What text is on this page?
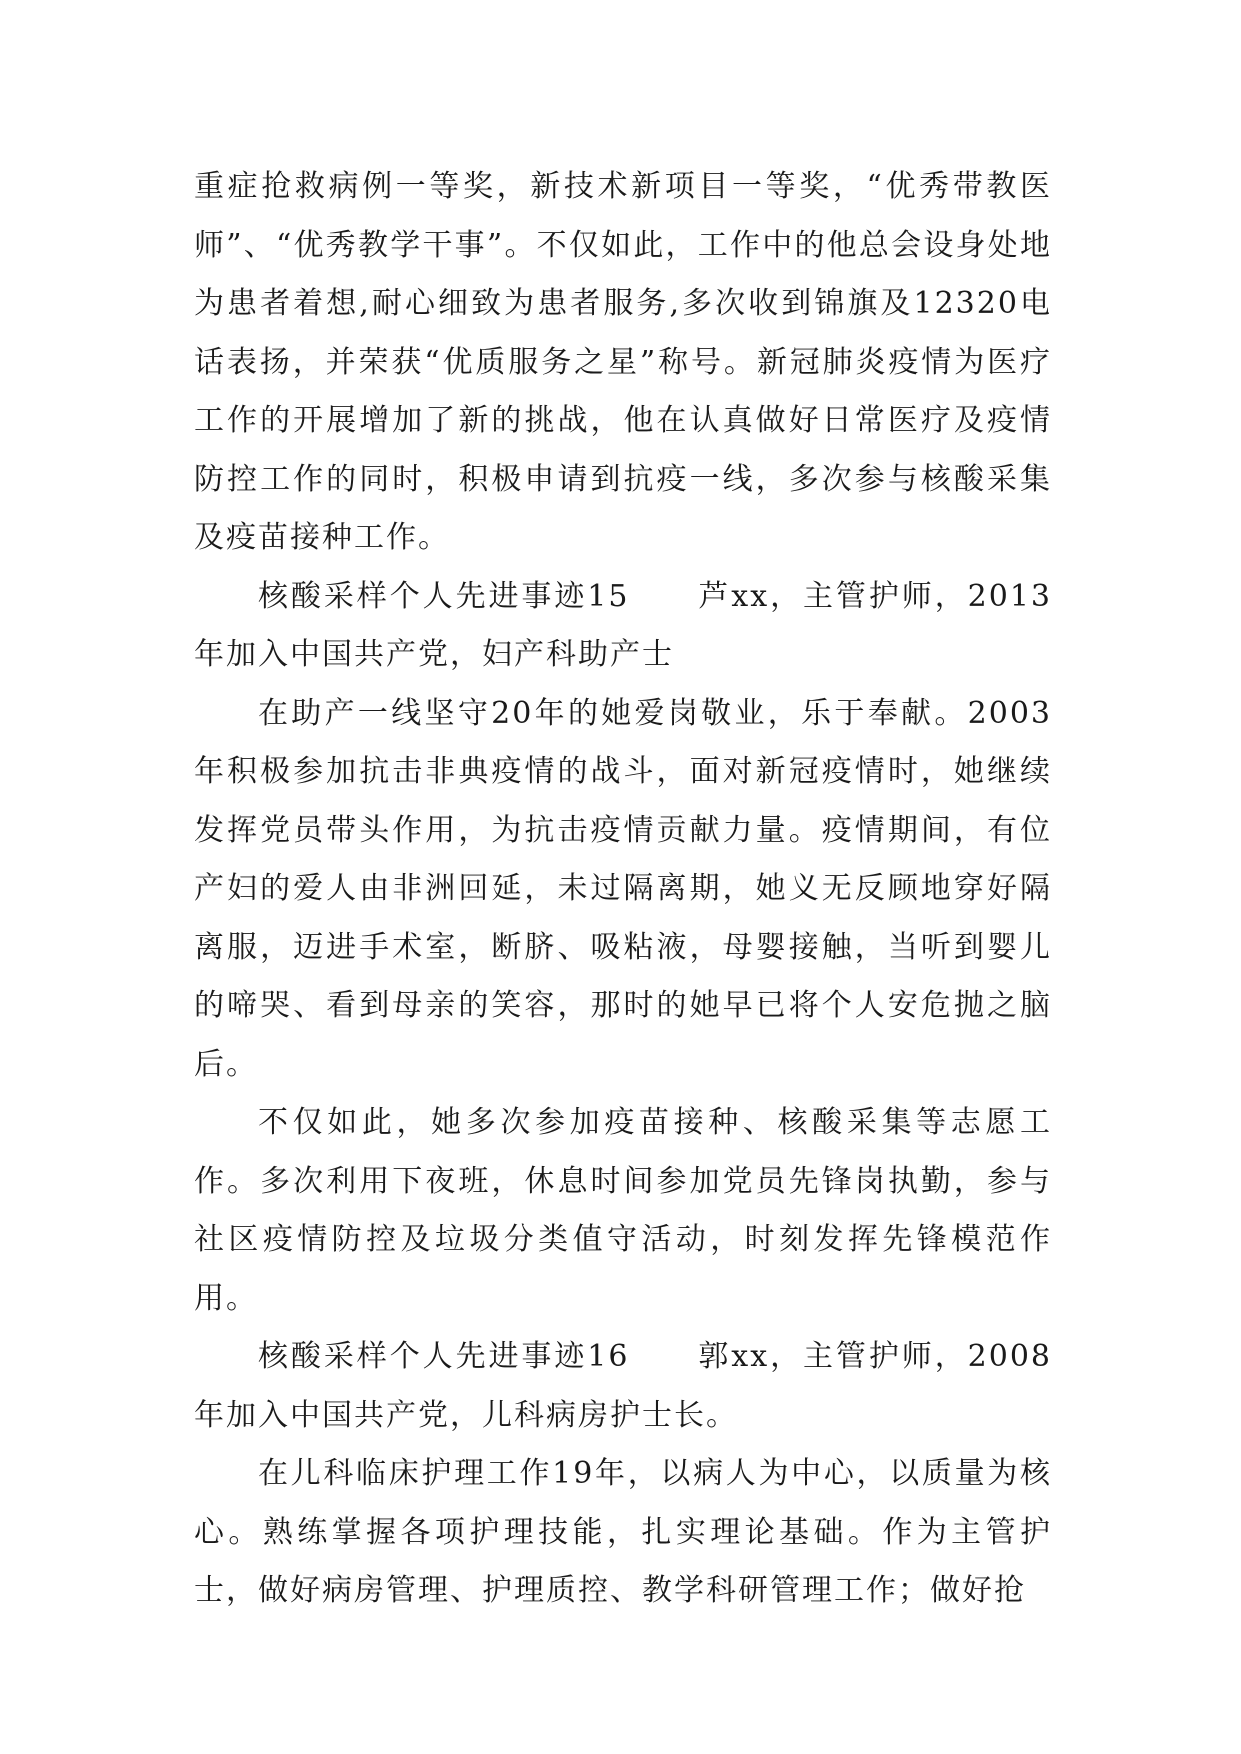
重症抢救病例一等奖，新技术新项目一等奖，“优秀带教医师”、“优秀教学干事”。不仅如此，工作中的他总会设身处地为患者着想,耐心细致为患者服务,多次收到锦旗及12320电话表扬，并荣获“优质服务之星”称号。新冠肺炎疫情为医疗工作的开展增加了新的挑战，他在认真做好日常医疗及疫情防控工作的同时，积极申请到抗疫一线，多次参与核酸采集及疫苗接种工作。

核酸采样个人先进事迹15 芦xx，主管护师，2013年加入中国共产党，妇产科助产士

在助产一线坚守20年的她爱岗敬业，乐于奉献。2003年积极参加抗击非典疫情的战斗，面对新冠疫情时，她继续发挥党员带头作用，为抗击疫情贡献力量。疫情期间，有位产妇的爱人由非洲回延，未过隔离期，她义无反顾地穿好隔离服，迈进手术室，断脐、吸粘液，母婴接触，当听到婴儿的啼哭、看到母亲的笑容，那时的她早已将个人安危抛之脑后。

不仅如此，她多次参加疫苗接种、核酸采集等志愿工作。多次利用下夜班，休息时间参加党员先锋岗执勤，参与社区疫情防控及垃圾分类值守活动，时刻发挥先锋模范作用。

核酸采样个人先进事迹16 郭xx，主管护师，2008年加入中国共产党，儿科病房护士长。

在儿科临床护理工作19年，以病人为中心，以质量为核心。熟练掌握各项护理技能，扎实理论基础。作为主管护士，做好病房管理、护理质控、教学科研管理工作；做好抢
